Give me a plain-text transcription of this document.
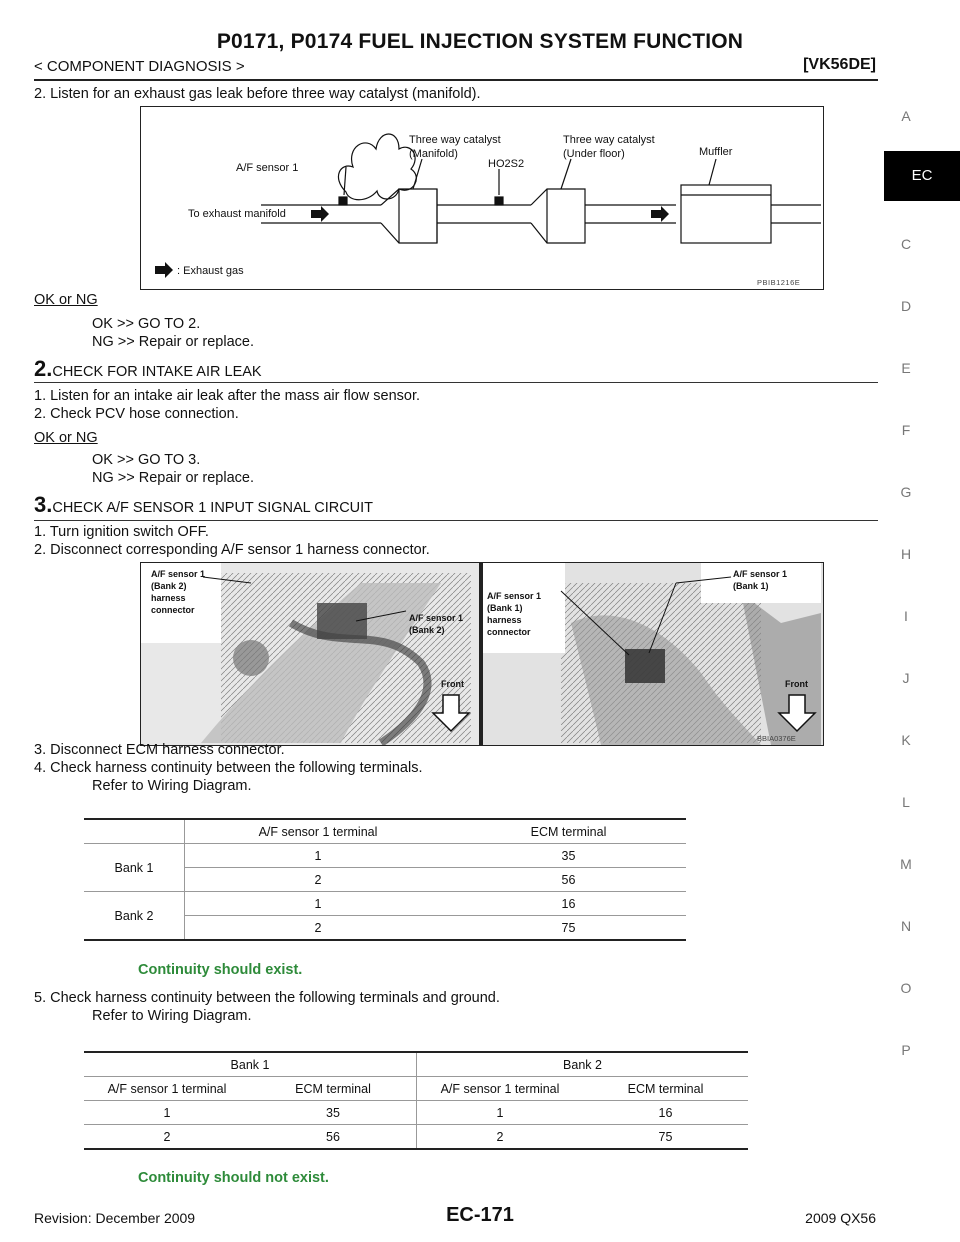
P0171, P0174 FUEL INJECTION SYSTEM FUNCTION
< COMPONENT DIAGNOSIS >	[VK56DE]
A
EC
C
D
E
F
G
H
I
J
K
L
M
N
O
P
2. Listen for an exhaust gas leak before three way catalyst (manifold).
A/F sensor 1
Three way catalyst
(Manifold)
HO2S2
Three way catalyst
(Under floor)	Muffler
To exhaust manifold
: Exhaust gas
PBIB1216E
OK or NG
OK >> GO TO 2.
NG >> Repair or replace.
2.CHECK FOR INTAKE AIR LEAK
1. Listen for an intake air leak after the mass air flow sensor.
2. Check PCV hose connection.
OK or NG
OK >> GO TO 3.
NG >> Repair or replace.
3.CHECK A/F SENSOR 1 INPUT SIGNAL CIRCUIT
1. Turn ignition switch OFF.
2. Disconnect corresponding A/F sensor 1 harness connector.
A/F sensor 1
(Bank 2)
harness
connector
A/F sensor 1
(Bank 2)
Front
A/F sensor 1
(Bank 1)
harness
connector
A/F sensor 1
(Bank 1)
Front
BBIA0376E
3. Disconnect ECM harness connector.
4. Check harness continuity between the following terminals.
Refer to Wiring Diagram.
	A/F sensor 1 terminal	ECM terminal
Bank 1	1	35
	2	56
Bank 2	1	16
	2	75
Continuity should exist.
5. Check harness continuity between the following terminals and ground.
Refer to Wiring Diagram.
Bank 1		Bank 2	
A/F sensor 1 terminal	ECM terminal	A/F sensor 1 terminal	ECM terminal
1	35	1	16
2	56	2	75
Continuity should not exist.
Revision: December 2009	EC-171	2009 QX56
